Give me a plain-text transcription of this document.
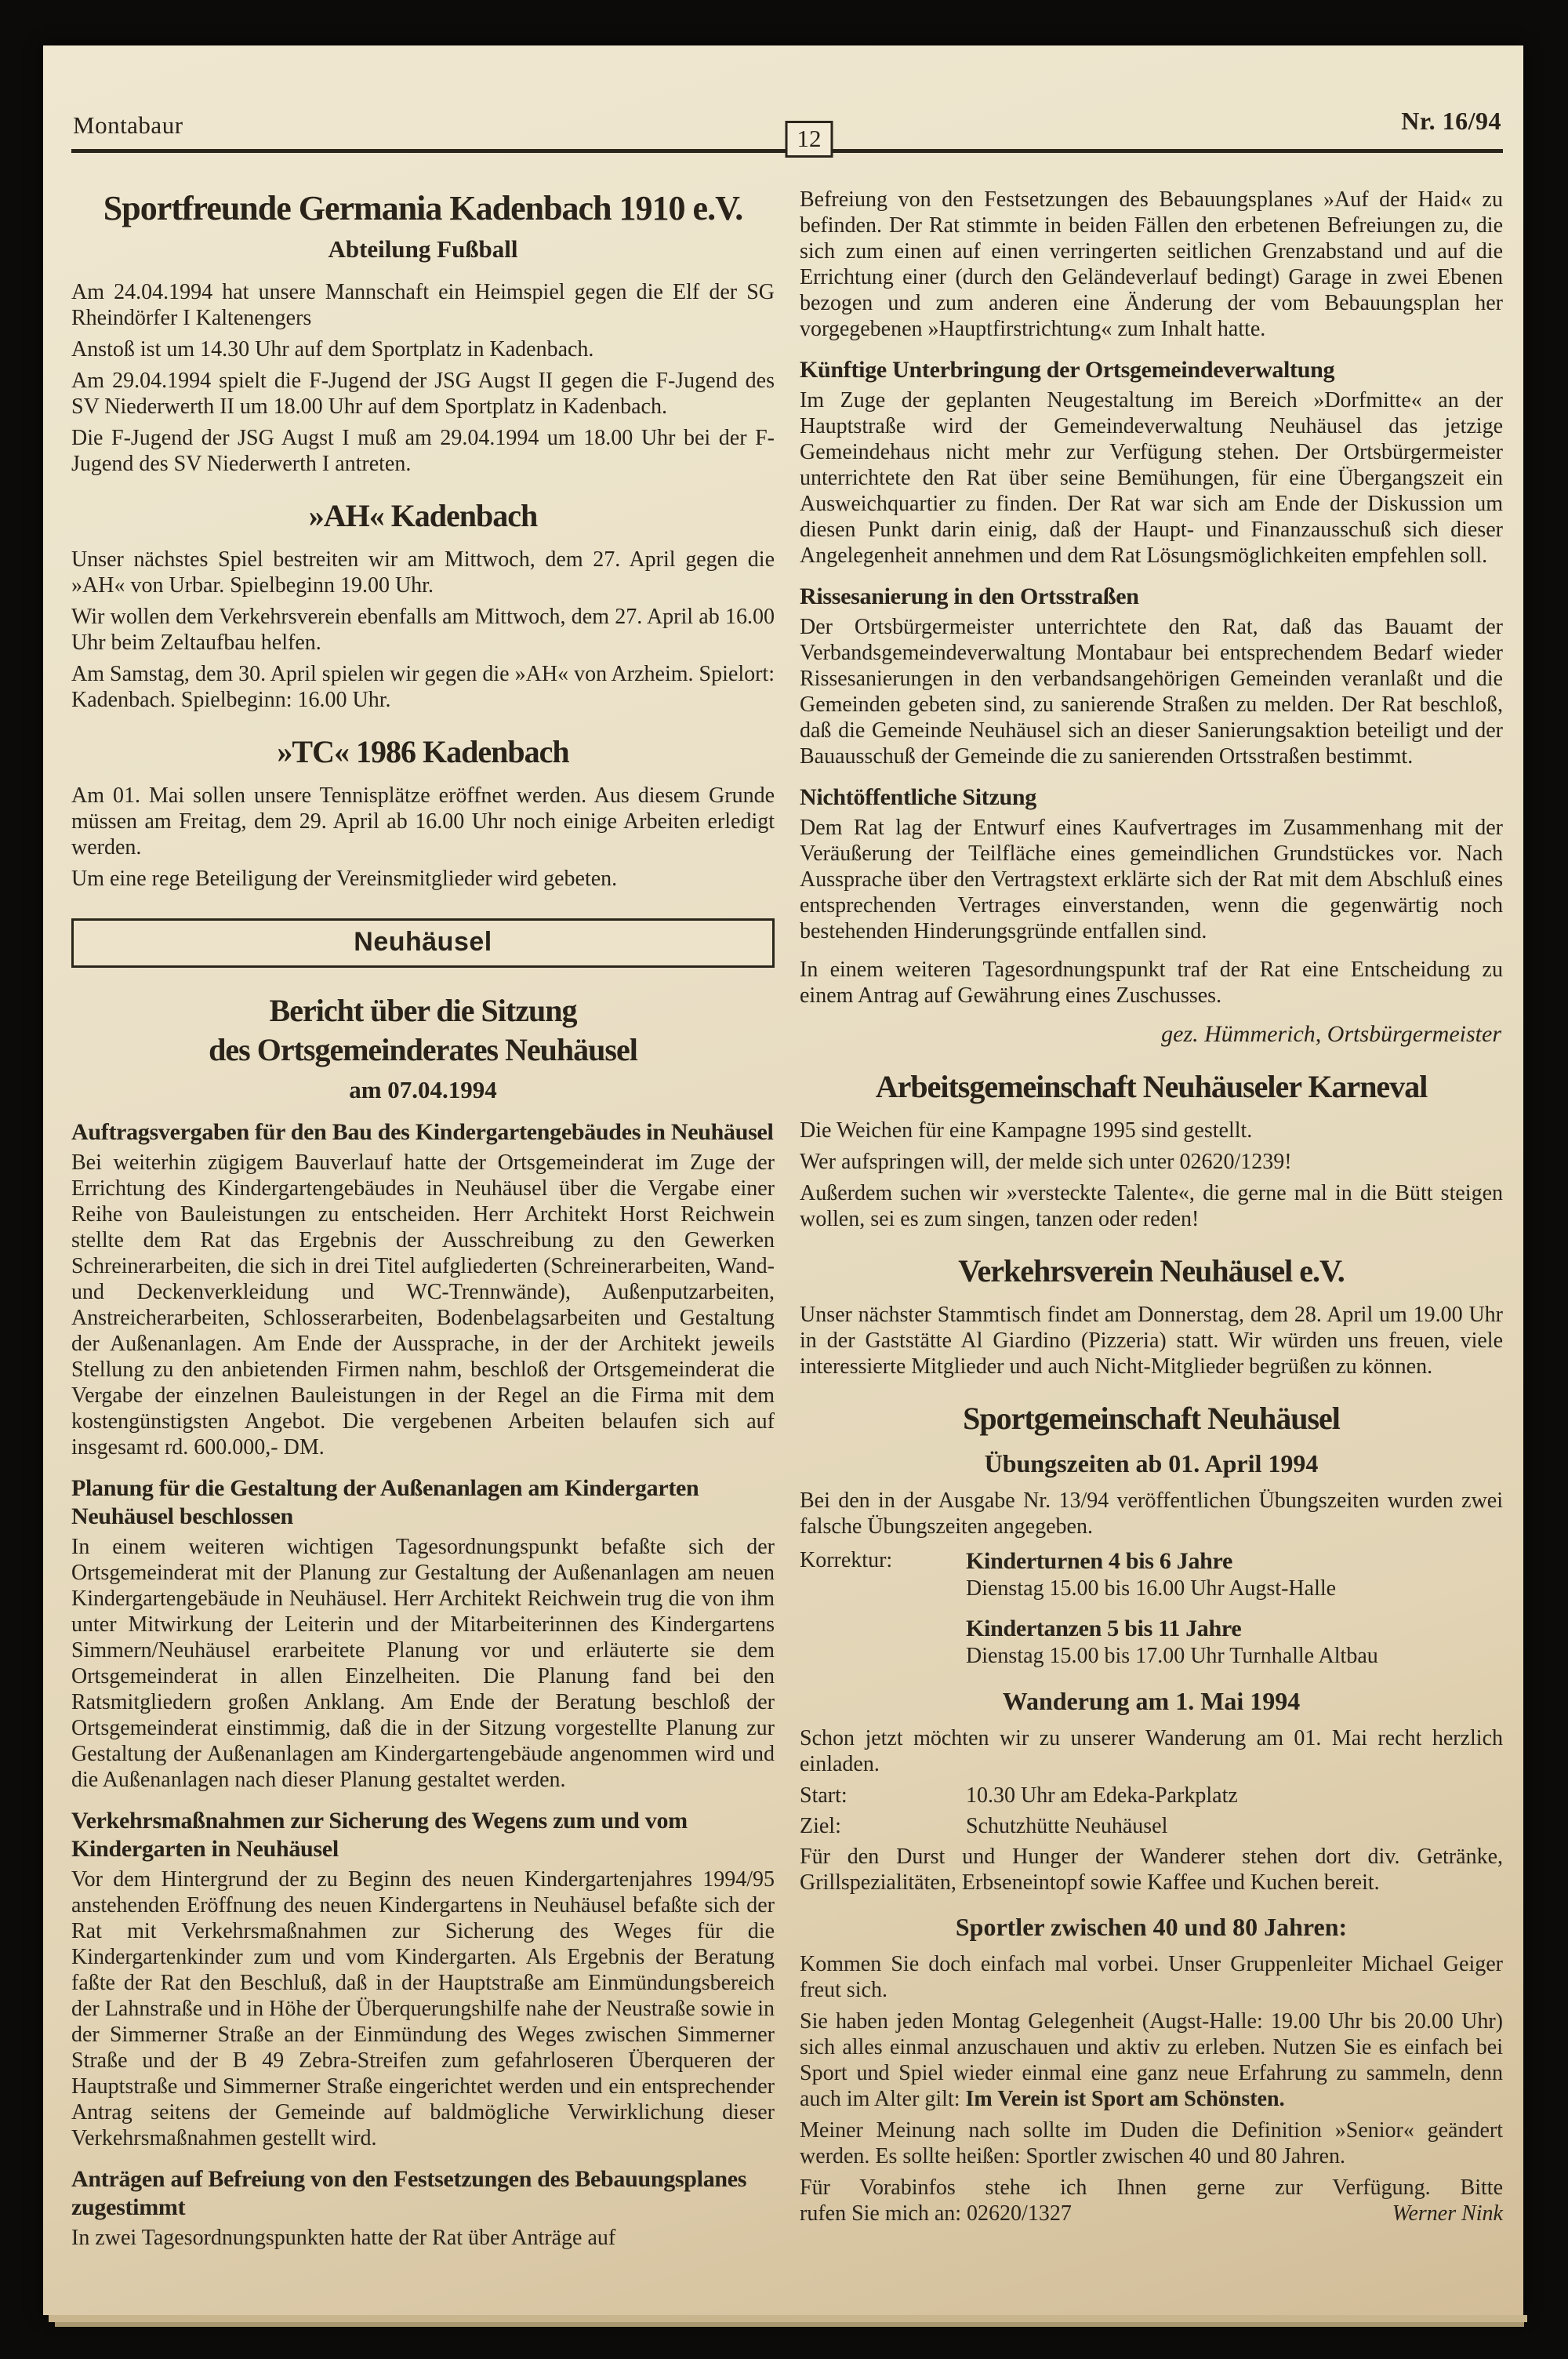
Montabaur	Nr. 16/94
12
Sportfreunde Germania Kadenbach 1910 e.V.
Abteilung Fußball

Am 24.04.1994 hat unsere Mannschaft ein Heimspiel gegen die Elf der SG Rheindörfer I Kaltenengers

Anstoß ist um 14.30 Uhr auf dem Sportplatz in Kadenbach.

Am 29.04.1994 spielt die F-Jugend der JSG Augst II gegen die F-Jugend des SV Niederwerth II um 18.00 Uhr auf dem Sportplatz in Kadenbach.

Die F-Jugend der JSG Augst I muß am 29.04.1994 um 18.00 Uhr bei der F-Jugend des SV Niederwerth I antreten.

»AH« Kadenbach

Unser nächstes Spiel bestreiten wir am Mittwoch, dem 27. April gegen die »AH« von Urbar. Spielbeginn 19.00 Uhr.

Wir wollen dem Verkehrsverein ebenfalls am Mittwoch, dem 27. April ab 16.00 Uhr beim Zeltaufbau helfen.

Am Samstag, dem 30. April spielen wir gegen die »AH« von Arzheim. Spielort: Kadenbach. Spielbeginn: 16.00 Uhr.

»TC« 1986 Kadenbach

Am 01. Mai sollen unsere Tennisplätze eröffnet werden. Aus diesem Grunde müssen am Freitag, dem 29. April ab 16.00 Uhr noch einige Arbeiten erledigt werden.

Um eine rege Beteiligung der Vereinsmitglieder wird gebeten.

Neuhäusel
Bericht über die Sitzung
des Ortsgemeinderates Neuhäusel
am 07.04.1994
Auftragsvergaben für den Bau des Kindergartengebäudes in Neuhäusel

Bei weiterhin zügigem Bauverlauf hatte der Ortsgemeinderat im Zuge der Errichtung des Kindergartengebäudes in Neuhäusel über die Vergabe einer Reihe von Bauleistungen zu entscheiden. Herr Architekt Horst Reichwein stellte dem Rat das Ergebnis der Ausschreibung zu den Gewerken Schreinerarbeiten, die sich in drei Titel aufgliederten (Schreinerarbeiten, Wand- und Deckenverkleidung und WC-Trennwände), Außenputzarbeiten, Anstreicherarbeiten, Schlosserarbeiten, Bodenbelagsarbeiten und Gestaltung der Außenanlagen. Am Ende der Aussprache, in der der Architekt jeweils Stellung zu den anbietenden Firmen nahm, beschloß der Ortsgemeinderat die Vergabe der einzelnen Bauleistungen in der Regel an die Firma mit dem kostengünstigsten Angebot. Die vergebenen Arbeiten belaufen sich auf insgesamt rd. 600.000,- DM.

Planung für die Gestaltung der Außenanlagen am Kindergarten Neuhäusel beschlossen

In einem weiteren wichtigen Tagesordnungspunkt befaßte sich der Ortsgemeinderat mit der Planung zur Gestaltung der Außenanlagen am neuen Kindergartengebäude in Neuhäusel. Herr Architekt Reichwein trug die von ihm unter Mitwirkung der Leiterin und der Mitarbeiterinnen des Kindergartens Simmern/Neuhäusel erarbeitete Planung vor und erläuterte sie dem Ortsgemeinderat in allen Einzelheiten. Die Planung fand bei den Ratsmitgliedern großen Anklang. Am Ende der Beratung beschloß der Ortsgemeinderat einstimmig, daß die in der Sitzung vorgestellte Planung zur Gestaltung der Außenanlagen am Kindergartengebäude angenommen wird und die Außenanlagen nach dieser Planung gestaltet werden.

Verkehrsmaßnahmen zur Sicherung des Wegens zum und vom Kindergarten in Neuhäusel

Vor dem Hintergrund der zu Beginn des neuen Kindergartenjahres 1994/95 anstehenden Eröffnung des neuen Kindergartens in Neuhäusel befaßte sich der Rat mit Verkehrsmaßnahmen zur Sicherung des Weges für die Kindergartenkinder zum und vom Kindergarten. Als Ergebnis der Beratung faßte der Rat den Beschluß, daß in der Hauptstraße am Einmündungsbereich der Lahnstraße und in Höhe der Überquerungshilfe nahe der Neustraße sowie in der Simmerner Straße an der Einmündung des Weges zwischen Simmerner Straße und der B 49 Zebra-Streifen zum gefahrloseren Überqueren der Hauptstraße und Simmerner Straße eingerichtet werden und ein entsprechender Antrag seitens der Gemeinde auf baldmögliche Verwirklichung dieser Verkehrsmaßnahmen gestellt wird.

Anträgen auf Befreiung von den Festsetzungen des Bebauungsplanes zugestimmt

In zwei Tagesordnungspunkten hatte der Rat über Anträge auf

Befreiung von den Festsetzungen des Bebauungsplanes »Auf der Haid« zu befinden. Der Rat stimmte in beiden Fällen den erbetenen Befreiungen zu, die sich zum einen auf einen verringerten seitlichen Grenzabstand und auf die Errichtung einer (durch den Geländeverlauf bedingt) Garage in zwei Ebenen bezogen und zum anderen eine Änderung der vom Bebauungsplan her vorgegebenen »Hauptfirstrichtung« zum Inhalt hatte.

Künftige Unterbringung der Ortsgemeindeverwaltung

Im Zuge der geplanten Neugestaltung im Bereich »Dorfmitte« an der Hauptstraße wird der Gemeindeverwaltung Neuhäusel das jetzige Gemeindehaus nicht mehr zur Verfügung stehen. Der Ortsbürgermeister unterrichtete den Rat über seine Bemühungen, für eine Übergangszeit ein Ausweichquartier zu finden. Der Rat war sich am Ende der Diskussion um diesen Punkt darin einig, daß der Haupt- und Finanzausschuß sich dieser Angelegenheit annehmen und dem Rat Lösungsmöglichkeiten empfehlen soll.

Rissesanierung in den Ortsstraßen

Der Ortsbürgermeister unterrichtete den Rat, daß das Bauamt der Verbandsgemeindeverwaltung Montabaur bei entsprechendem Bedarf wieder Rissesanierungen in den verbandsangehörigen Gemeinden veranlaßt und die Gemeinden gebeten sind, zu sanierende Straßen zu melden. Der Rat beschloß, daß die Gemeinde Neuhäusel sich an dieser Sanierungsaktion beteiligt und der Bauausschuß der Gemeinde die zu sanierenden Ortsstraßen bestimmt.

Nichtöffentliche Sitzung

Dem Rat lag der Entwurf eines Kaufvertrages im Zusammenhang mit der Veräußerung der Teilfläche eines gemeindlichen Grundstückes vor. Nach Aussprache über den Vertragstext erklärte sich der Rat mit dem Abschluß eines entsprechenden Vertrages einverstanden, wenn die gegenwärtig noch bestehenden Hinderungsgründe entfallen sind.

In einem weiteren Tagesordnungspunkt traf der Rat eine Entscheidung zu einem Antrag auf Gewährung eines Zuschusses.

gez. Hümmerich, Ortsbürgermeister
Arbeitsgemeinschaft Neuhäuseler Karneval

Die Weichen für eine Kampagne 1995 sind gestellt.

Wer aufspringen will, der melde sich unter 02620/1239!

Außerdem suchen wir »versteckte Talente«, die gerne mal in die Bütt steigen wollen, sei es zum singen, tanzen oder reden!

Verkehrsverein Neuhäusel e.V.

Unser nächster Stammtisch findet am Donnerstag, dem 28. April um 19.00 Uhr in der Gaststätte Al Giardino (Pizzeria) statt. Wir würden uns freuen, viele interessierte Mitglieder und auch Nicht-Mitglieder begrüßen zu können.

Sportgemeinschaft Neuhäusel
Übungszeiten ab 01. April 1994

Bei den in der Ausgabe Nr. 13/94 veröffentlichen Übungszeiten wurden zwei falsche Übungszeiten angegeben.

Korrektur:	Kinderturnen 4 bis 6 Jahre
Dienstag 15.00 bis 16.00 Uhr Augst-Halle
Kindertanzen 5 bis 11 Jahre
Dienstag 15.00 bis 17.00 Uhr Turnhalle Altbau
Wanderung am 1. Mai 1994

Schon jetzt möchten wir zu unserer Wanderung am 01. Mai recht herzlich einladen.

Start:	10.30 Uhr am Edeka-Parkplatz
Ziel:	Schutzhütte Neuhäusel

Für den Durst und Hunger der Wanderer stehen dort div. Getränke, Grillspezialitäten, Erbseneintopf sowie Kaffee und Kuchen bereit.

Sportler zwischen 40 und 80 Jahren:

Kommen Sie doch einfach mal vorbei. Unser Gruppenleiter Michael Geiger freut sich.

Sie haben jeden Montag Gelegenheit (Augst-Halle: 19.00 Uhr bis 20.00 Uhr) sich alles einmal anzuschauen und aktiv zu erleben. Nutzen Sie es einfach bei Sport und Spiel wieder einmal eine ganz neue Erfahrung zu sammeln, denn auch im Alter gilt: Im Verein ist Sport am Schönsten.

Meiner Meinung nach sollte im Duden die Definition »Senior« geändert werden. Es sollte heißen: Sportler zwischen 40 und 80 Jahren.

Für Vorabinfos stehe ich Ihnen gerne zur Verfügung. Bitte
rufen Sie mich an: 02620/1327	Werner Nink
